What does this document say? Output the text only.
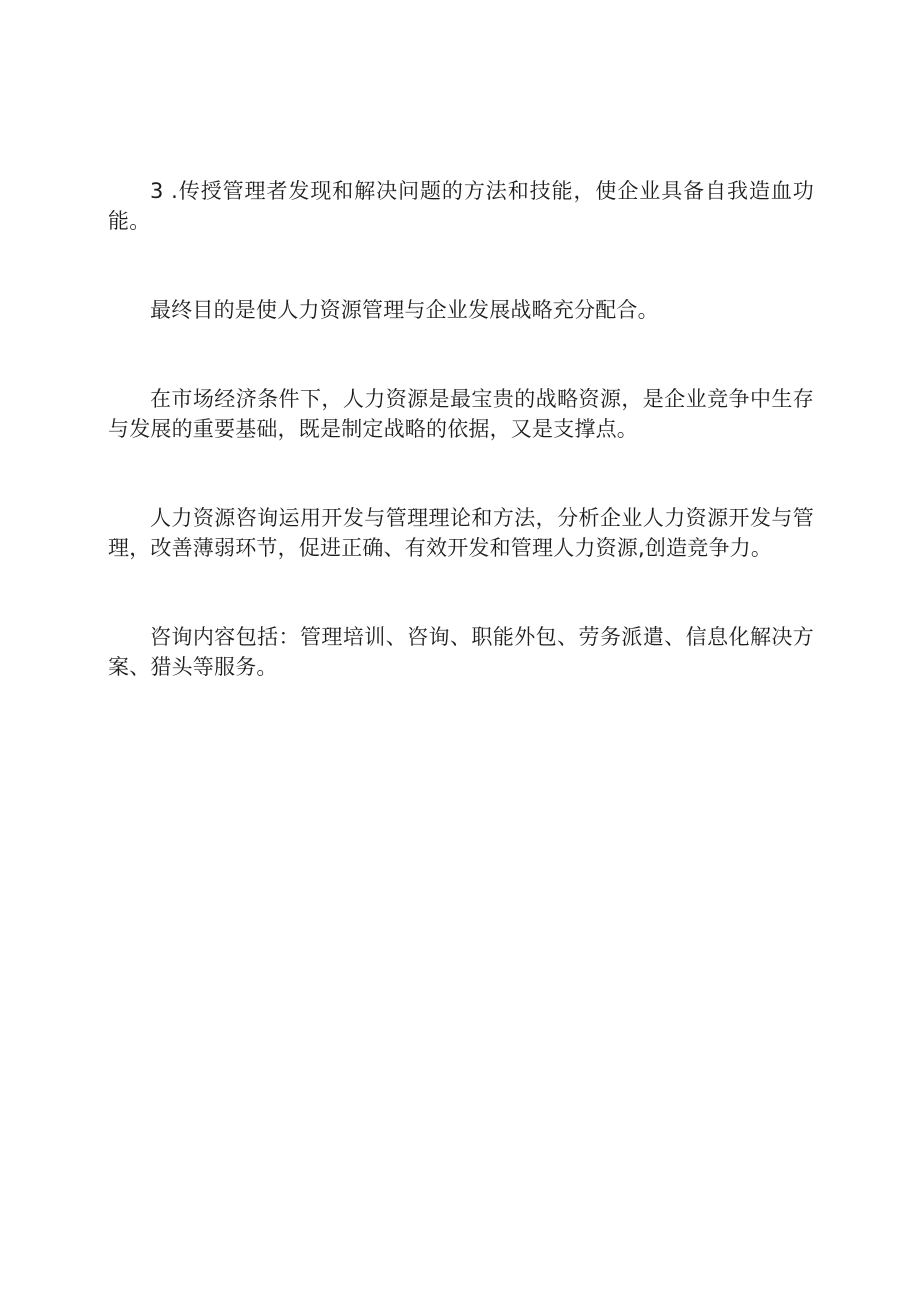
3 .传授管理者发现和解决问题的方法和技能，使企业具备自我造血功能。

最终目的是使人力资源管理与企业发展战略充分配合。

在市场经济条件下，人力资源是最宝贵的战略资源，是企业竞争中生存与发展的重要基础，既是制定战略的依据，又是支撑点。

人力资源咨询运用开发与管理理论和方法，分析企业人力资源开发与管理，改善薄弱环节，促进正确、有效开发和管理人力资源,创造竞争力。

咨询内容包括：管理培训、咨询、职能外包、劳务派遣、信息化解决方案、猎头等服务。
